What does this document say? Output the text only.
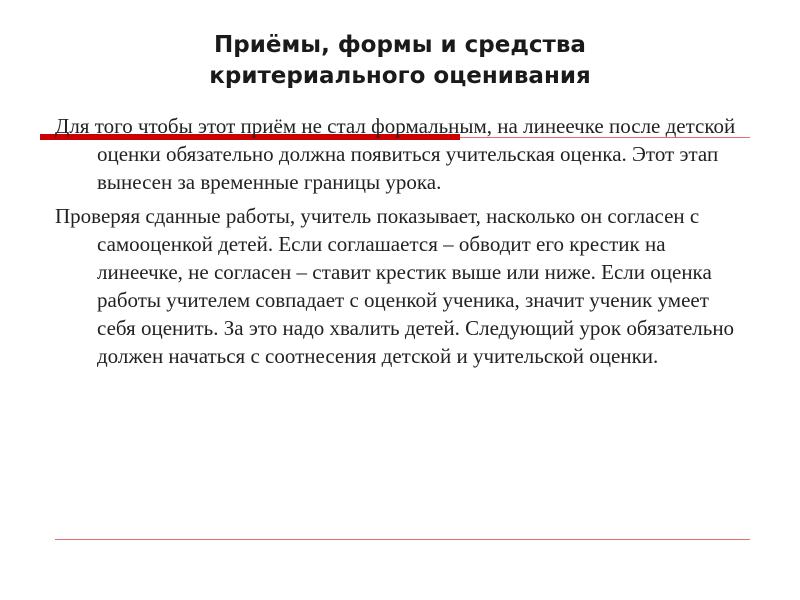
Приёмы, формы и средства
критериального оценивания

Для того чтобы этот приём не стал формальным, на линеечке после детской оценки обязательно должна появиться учительская оценка. Этот этап вынесен за временные границы урока.

Проверяя сданные работы, учитель показывает, насколько он согласен с самооценкой детей. Если соглашается – обводит его крестик на линеечке, не согласен – ставит крестик выше или ниже. Если оценка работы учителем совпадает с оценкой ученика, значит ученик умеет себя оценить. За это надо хвалить детей. Следующий урок обязательно должен начаться с соотнесения детской и учительской оценки.
